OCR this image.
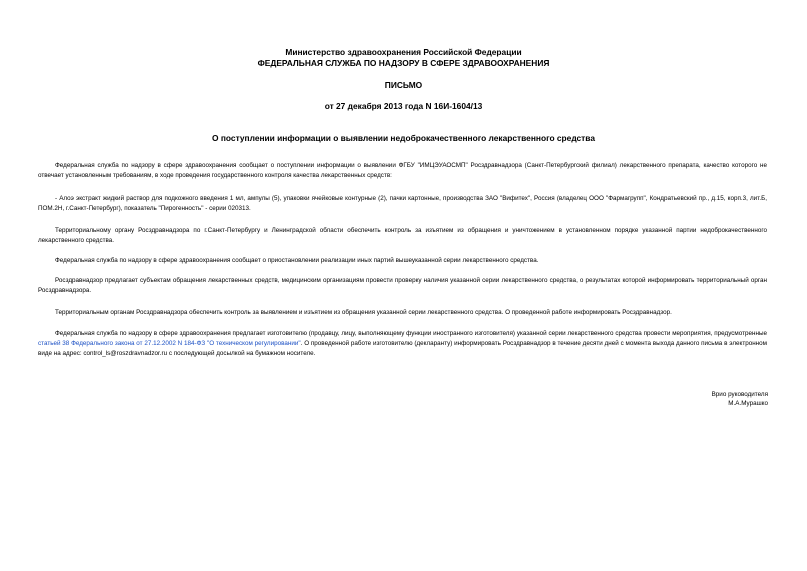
Министерство здравоохранения Российской Федерации
ФЕДЕРАЛЬНАЯ СЛУЖБА ПО НАДЗОРУ В СФЕРЕ ЗДРАВООХРАНЕНИЯ
ПИСЬМО
от 27 декабря 2013 года N 16И-1604/13
О поступлении информации о выявлении недоброкачественного лекарственного средства

Федеральная служба по надзору в сфере здравоохранения сообщает о поступлении информации о выявлении ФГБУ "ИМЦЭУАОСМП" Росздравнадзора (Санкт-Петербургский филиал) лекарственного препарата, качество которого не отвечает установленным требованиям, в ходе проведения государственного контроля качества лекарственных средств:

- Алоэ экстракт жидкий раствор для подкожного введения 1 мл, ампулы (5), упаковки ячейковые контурные (2), пачки картонные, производства ЗАО "Вифитех", Россия (владелец ООО "Фармагрупп", Кондратьевский пр., д.15, корп.3, лит.Б, ПОМ.2Н, г.Санкт-Петербург), показатель "Пирогенность" - серии 020313.

Территориальному органу Росздравнадзора по г.Санкт-Петербургу и Ленинградской области обеспечить контроль за изъятием из обращения и уничтожением в установленном порядке указанной партии недоброкачественного лекарственного средства.

Федеральная служба по надзору в сфере здравоохранения сообщает о приостановлении реализации иных партий вышеуказанной серии лекарственного средства.

Росздравнадзор предлагает субъектам обращения лекарственных средств, медицинским организациям провести проверку наличия указанной серии лекарственного средства, о результатах которой информировать территориальный орган Росздравнадзора.

Территориальным органам Росздравнадзора обеспечить контроль за выявлением и изъятием из обращения указанной серии лекарственного средства. О проведенной работе информировать Росздравнадзор.

Федеральная служба по надзору в сфере здравоохранения предлагает изготовителю (продавцу, лицу, выполняющему функции иностранного изготовителя) указанной серии лекарственного средства провести мероприятия, предусмотренные статьей 38 Федерального закона от 27.12.2002 N 184-ФЗ "О техническом регулировании". О проведенной работе изготовителю (декларанту) информировать Росздравнадзор в течение десяти дней с момента выхода данного письма в электронном виде на адрес: control_ls@roszdravnadzor.ru с последующей досылкой на бумажном носителе.

Врио руководителя
М.А.Мурашко
